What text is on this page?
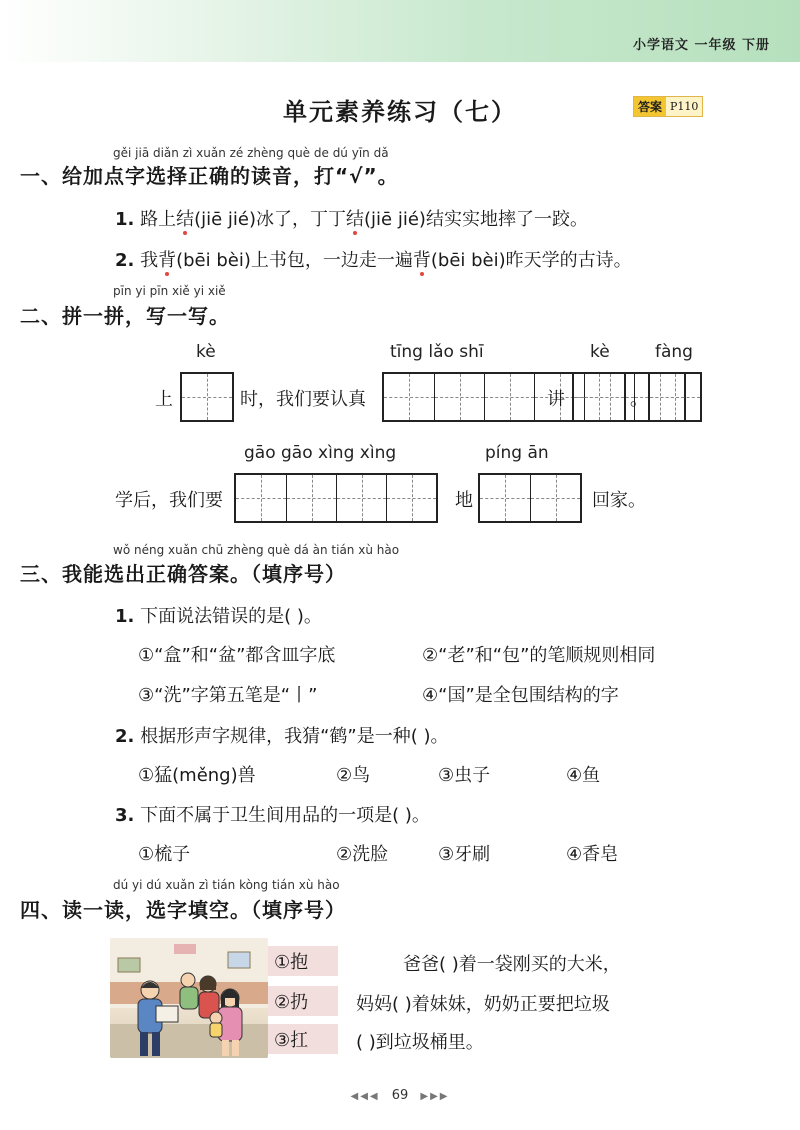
小学语文 一年级 下册
单元素养练习（七）	答案 P110
gěi jiā diǎn zì xuǎn zé zhèng què de dú yīn dǎ
一、给加点字选择正确的读音，打“√”。
1. 路上结(jiē jié)冰了，丁丁结(jiē jié)结实实地摔了一跤。
2. 我背(bēi bèi)上书包，一边走一遍背(bēi bèi)昨天学的古诗。
pīn yi pīn xiě yi xiě
二、拼一拼，写一写。
kè	tīng lǎo shī	kè	fàng
上	时，我们要认真	讲	。
gāo gāo xìng xìng	píng ān
学后，我们要	地	回家。
wǒ néng xuǎn chū zhèng què dá àn tián xù hào
三、我能选出正确答案。（填序号）
1. 下面说法错误的是( )。
①“盒”和“盆”都含皿字底	②“老”和“包”的笔顺规则相同
③“洗”字第五笔是“丨”	④“国”是全包围结构的字
2. 根据形声字规律，我猜“鹤”是一种( )。
①猛(měng)兽	②鸟	③虫子	④鱼
3. 下面不属于卫生间用品的一项是( )。
①梳子	②洗脸	③牙刷	④香皂
dú yi dú xuǎn zì tián kòng tián xù hào
四、读一读，选字填空。（填序号）
①抱
②扔
③扛
爸爸( )着一袋刚买的大米，
妈妈( )着妹妹，奶奶正要把垃圾
( )到垃圾桶里。
◀◀◀ 69 ▶▶▶
